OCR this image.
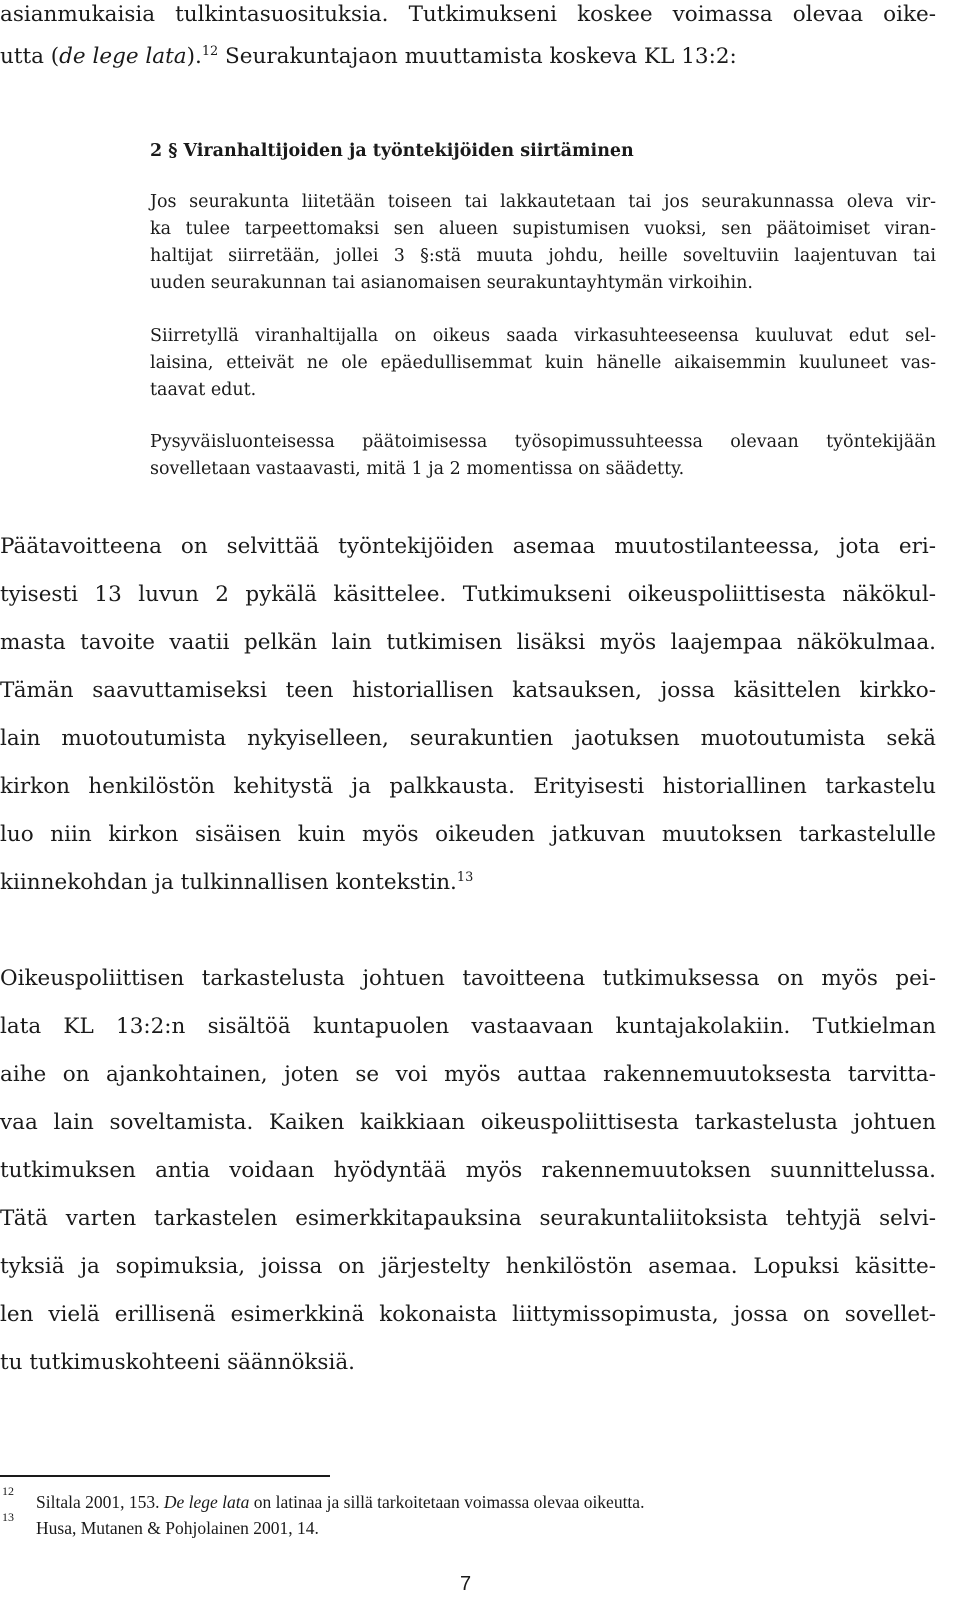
asianmukaisia tulkintasuosituksia. Tutkimukseni koskee voimassa olevaa oike-

utta (de lege lata).$^{12}$ Seurakuntajaon muuttamista koskeva KL 13:2:

2 § Viranhaltijoiden ja työntekijöiden siirtäminen

Jos seurakunta liitetään toiseen tai lakkautetaan tai jos seurakunnassa oleva vir-

ka tulee tarpeettomaksi sen alueen supistumisen vuoksi, sen päätoimiset viran-

haltijat siirretään, jollei 3 §:stä muuta johdu, heille soveltuviin laajentuvan tai

uuden seurakunnan tai asianomaisen seurakuntayhtymän virkoihin.

Siirretyllä viranhaltijalla on oikeus saada virkasuhteeseensa kuuluvat edut sel-

laisina, etteivät ne ole epäedullisemmat kuin hänelle aikaisemmin kuuluneet vas-

taavat edut.

Pysyväisluonteisessa päätoimisessa työsopimussuhteessa olevaan työntekijään

sovelletaan vastaavasti, mitä 1 ja 2 momentissa on säädetty.

Päätavoitteena on selvittää työntekijöiden asemaa muutostilanteessa, jota eri-

tyisesti 13 luvun 2 pykälä käsittelee. Tutkimukseni oikeuspoliittisesta näkökul-

masta tavoite vaatii pelkän lain tutkimisen lisäksi myös laajempaa näkökulmaa.

Tämän saavuttamiseksi teen historiallisen katsauksen, jossa käsittelen kirkko-

lain muotoutumista nykyiselleen, seurakuntien jaotuksen muotoutumista sekä

kirkon henkilöstön kehitystä ja palkkausta. Erityisesti historiallinen tarkastelu

luo niin kirkon sisäisen kuin myös oikeuden jatkuvan muutoksen tarkastelulle

kiinnekohdan ja tulkinnallisen kontekstin.$^{13}$

Oikeuspoliittisen tarkastelusta johtuen tavoitteena tutkimuksessa on myös pei-

lata KL 13:2:n sisältöä kuntapuolen vastaavaan kuntajakolakiin. Tutkielman

aihe on ajankohtainen, joten se voi myös auttaa rakennemuutoksesta tarvitta-

vaa lain soveltamista. Kaiken kaikkiaan oikeuspoliittisesta tarkastelusta johtuen

tutkimuksen antia voidaan hyödyntää myös rakennemuutoksen suunnittelussa.

Tätä varten tarkastelen esimerkkitapauksina seurakuntaliitoksista tehtyjä selvi-

tyksiä ja sopimuksia, joissa on järjestelty henkilöstön asemaa. Lopuksi käsitte-

len vielä erillisenä esimerkkinä kokonaista liittymissopimusta, jossa on sovellet-

tu tutkimuskohteeni säännöksiä.

12
Siltala 2001, 153. De lege lata on latinaa ja sillä tarkoitetaan voimassa olevaa oikeutta.
13
Husa, Mutanen & Pohjolainen 2001, 14.
7
